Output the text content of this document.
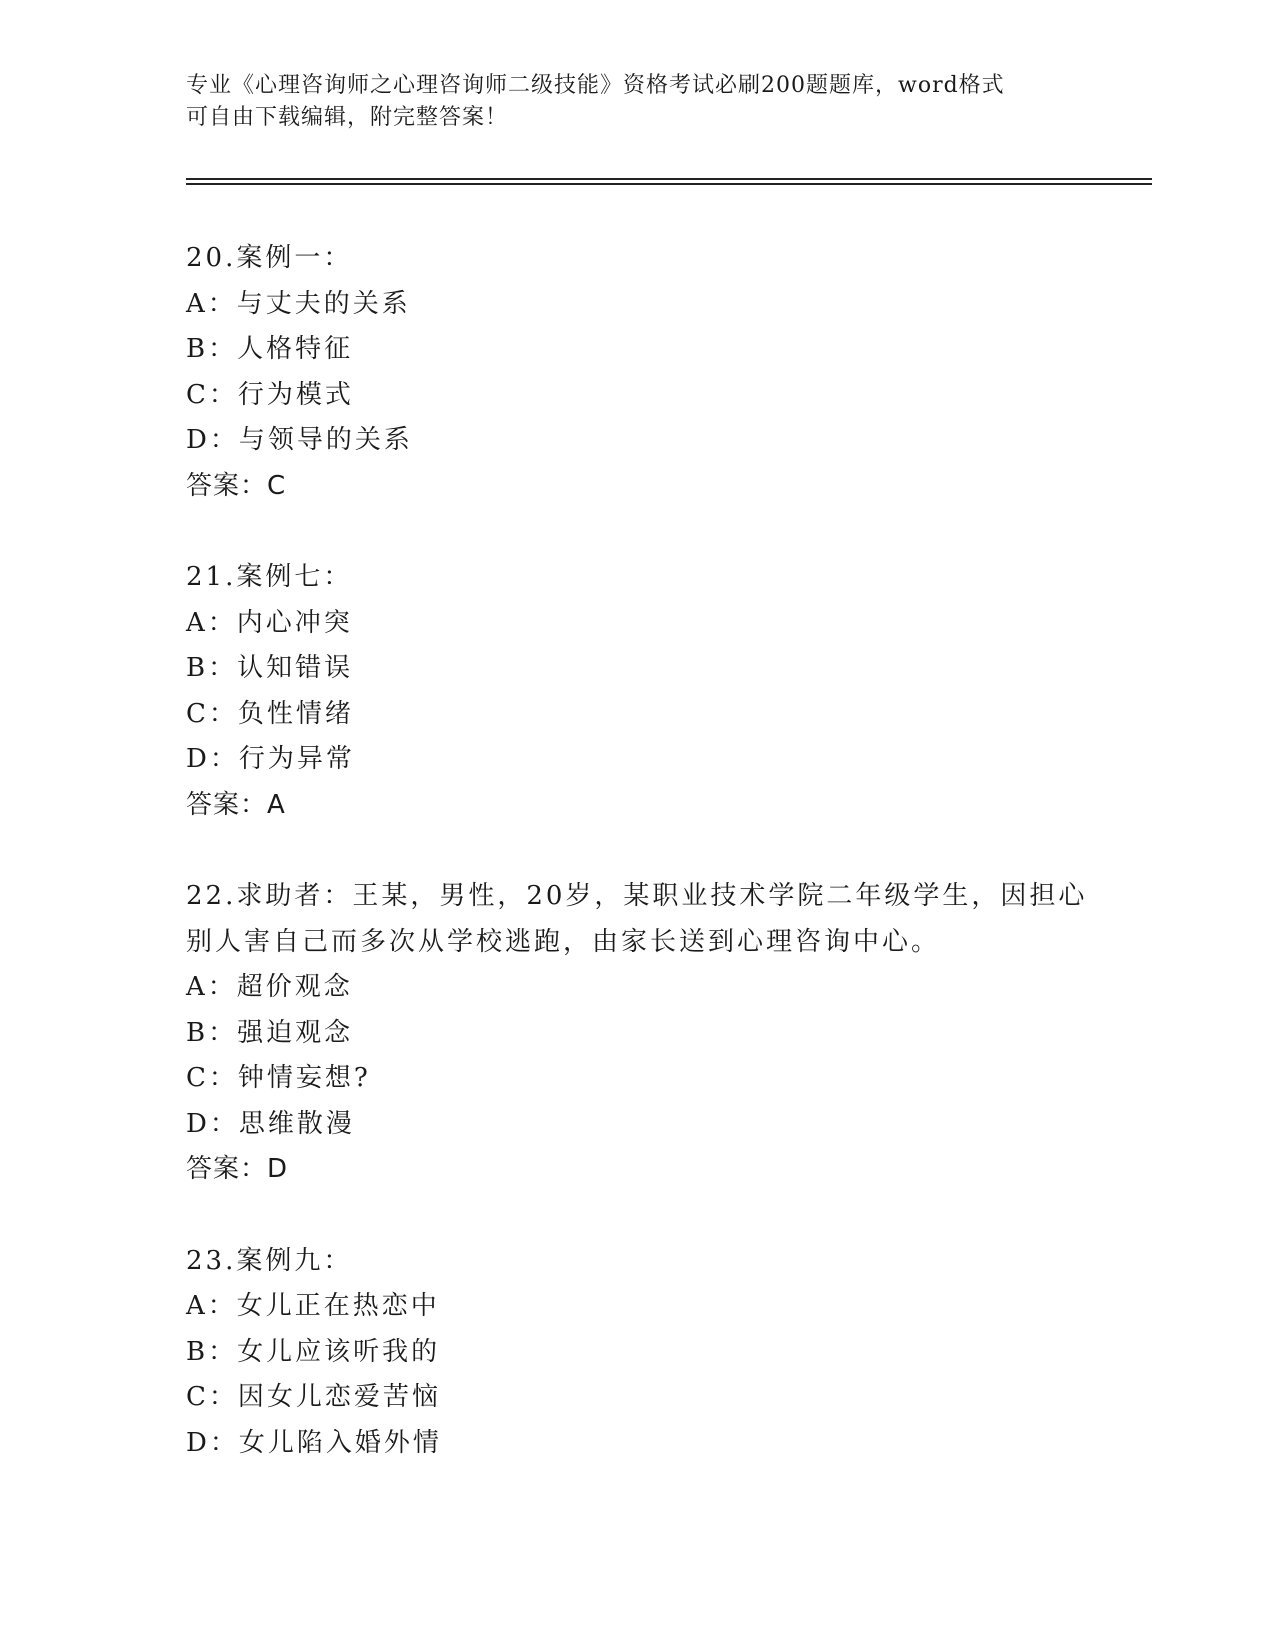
专业《心理咨询师之心理咨询师二级技能》资格考试必刷200题题库，word格式
可自由下载编辑，附完整答案！
20.案例一：
A：与丈夫的关系
B：人格特征
C：行为模式
D：与领导的关系
答案：C
21.案例七：
A：内心冲突
B：认知错误
C：负性情绪
D：行为异常
答案：A
22.求助者：王某，男性，20岁，某职业技术学院二年级学生，因担心
别人害自己而多次从学校逃跑，由家长送到心理咨询中心。
A：超价观念
B：强迫观念
C：钟情妄想?
D：思维散漫
答案：D
23.案例九：
A：女儿正在热恋中
B：女儿应该听我的
C：因女儿恋爱苦恼
D：女儿陷入婚外情
